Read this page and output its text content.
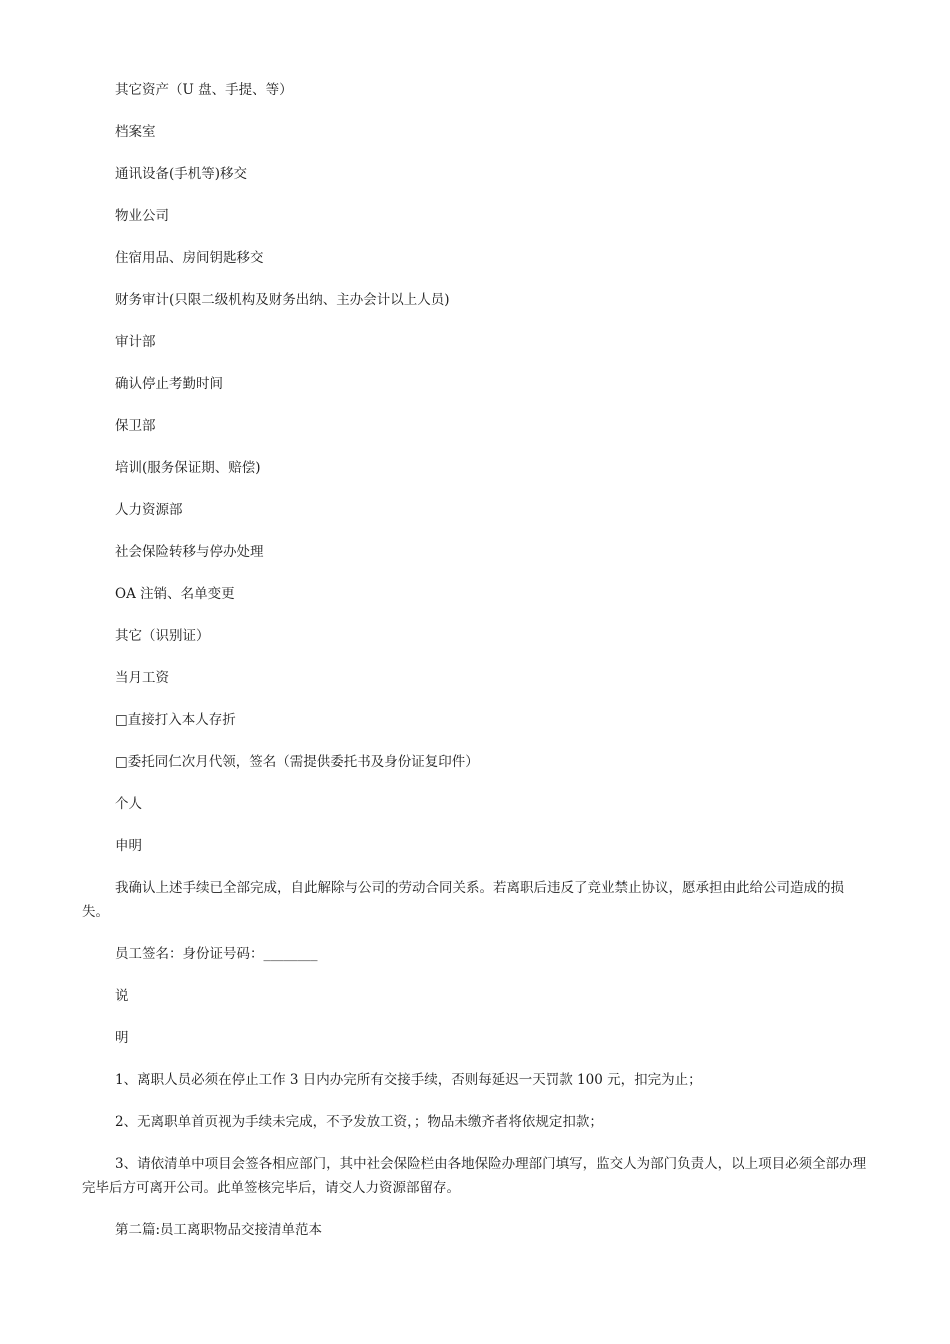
其它资产（U 盘、手提、等）

档案室

通讯设备(手机等)移交

物业公司

住宿用品、房间钥匙移交

财务审计(只限二级机构及财务出纳、主办会计以上人员)

审计部

确认停止考勤时间

保卫部

培训(服务保证期、赔偿)

人力资源部

社会保险转移与停办处理

OA 注销、名单变更

其它（识别证）

当月工资

□直接打入本人存折

□委托同仁次月代领，签名（需提供委托书及身份证复印件）

个人

申明

我确认上述手续已全部完成，自此解除与公司的劳动合同关系。若离职后违反了竞业禁止协议，愿承担由此给公司造成的损失。

员工签名：身份证号码：________

说

明

1、离职人员必须在停止工作 3 日内办完所有交接手续，否则每延迟一天罚款 100 元，扣完为止；

2、无离职单首页视为手续未完成，不予发放工资，；物品未缴齐者将依规定扣款；

3、请依清单中项目会签各相应部门，其中社会保险栏由各地保险办理部门填写，监交人为部门负责人，以上项目必须全部办理完毕后方可离开公司。此单签核完毕后，请交人力资源部留存。

第二篇:员工离职物品交接清单范本
